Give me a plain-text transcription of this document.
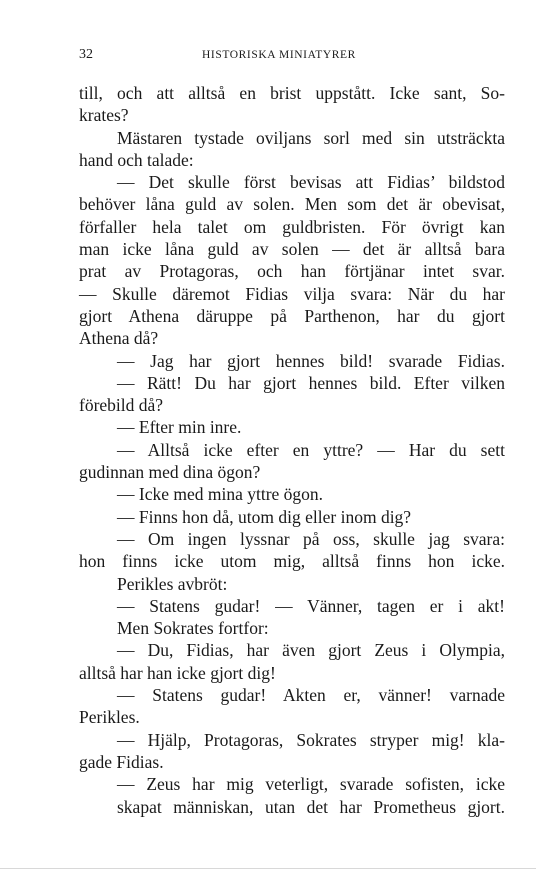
32	HISTORISKA MINIATYRER
till, och att alltså en brist uppstått. Icke sant, So-
krates?
Mästaren tystade oviljans sorl med sin utsträckta
hand och talade:
— Det skulle först bevisas att Fidias’ bildstod
behöver låna guld av solen. Men som det är obevisat,
förfaller hela talet om guldbristen. För övrigt kan
man icke låna guld av solen — det är alltså bara
prat av Protagoras, och han förtjänar intet svar.
— Skulle däremot Fidias vilja svara: När du har
gjort Athena däruppe på Parthenon, har du gjort
Athena då?
— Jag har gjort hennes bild! svarade Fidias.
— Rätt! Du har gjort hennes bild. Efter vilken
förebild då?
— Efter min inre.
— Alltså icke efter en yttre? — Har du sett
gudinnan med dina ögon?
— Icke med mina yttre ögon.
— Finns hon då, utom dig eller inom dig?
— Om ingen lyssnar på oss, skulle jag svara:
hon finns icke utom mig, alltså finns hon icke.
Perikles avbröt:
— Statens gudar! — Vänner, tagen er i akt!
Men Sokrates fortfor:
— Du, Fidias, har även gjort Zeus i Olympia,
alltså har han icke gjort dig!
— Statens gudar! Akten er, vänner! varnade
Perikles.
— Hjälp, Protagoras, Sokrates stryper mig! kla-
gade Fidias.
— Zeus har mig veterligt, svarade sofisten, icke
skapat människan, utan det har Prometheus gjort.
